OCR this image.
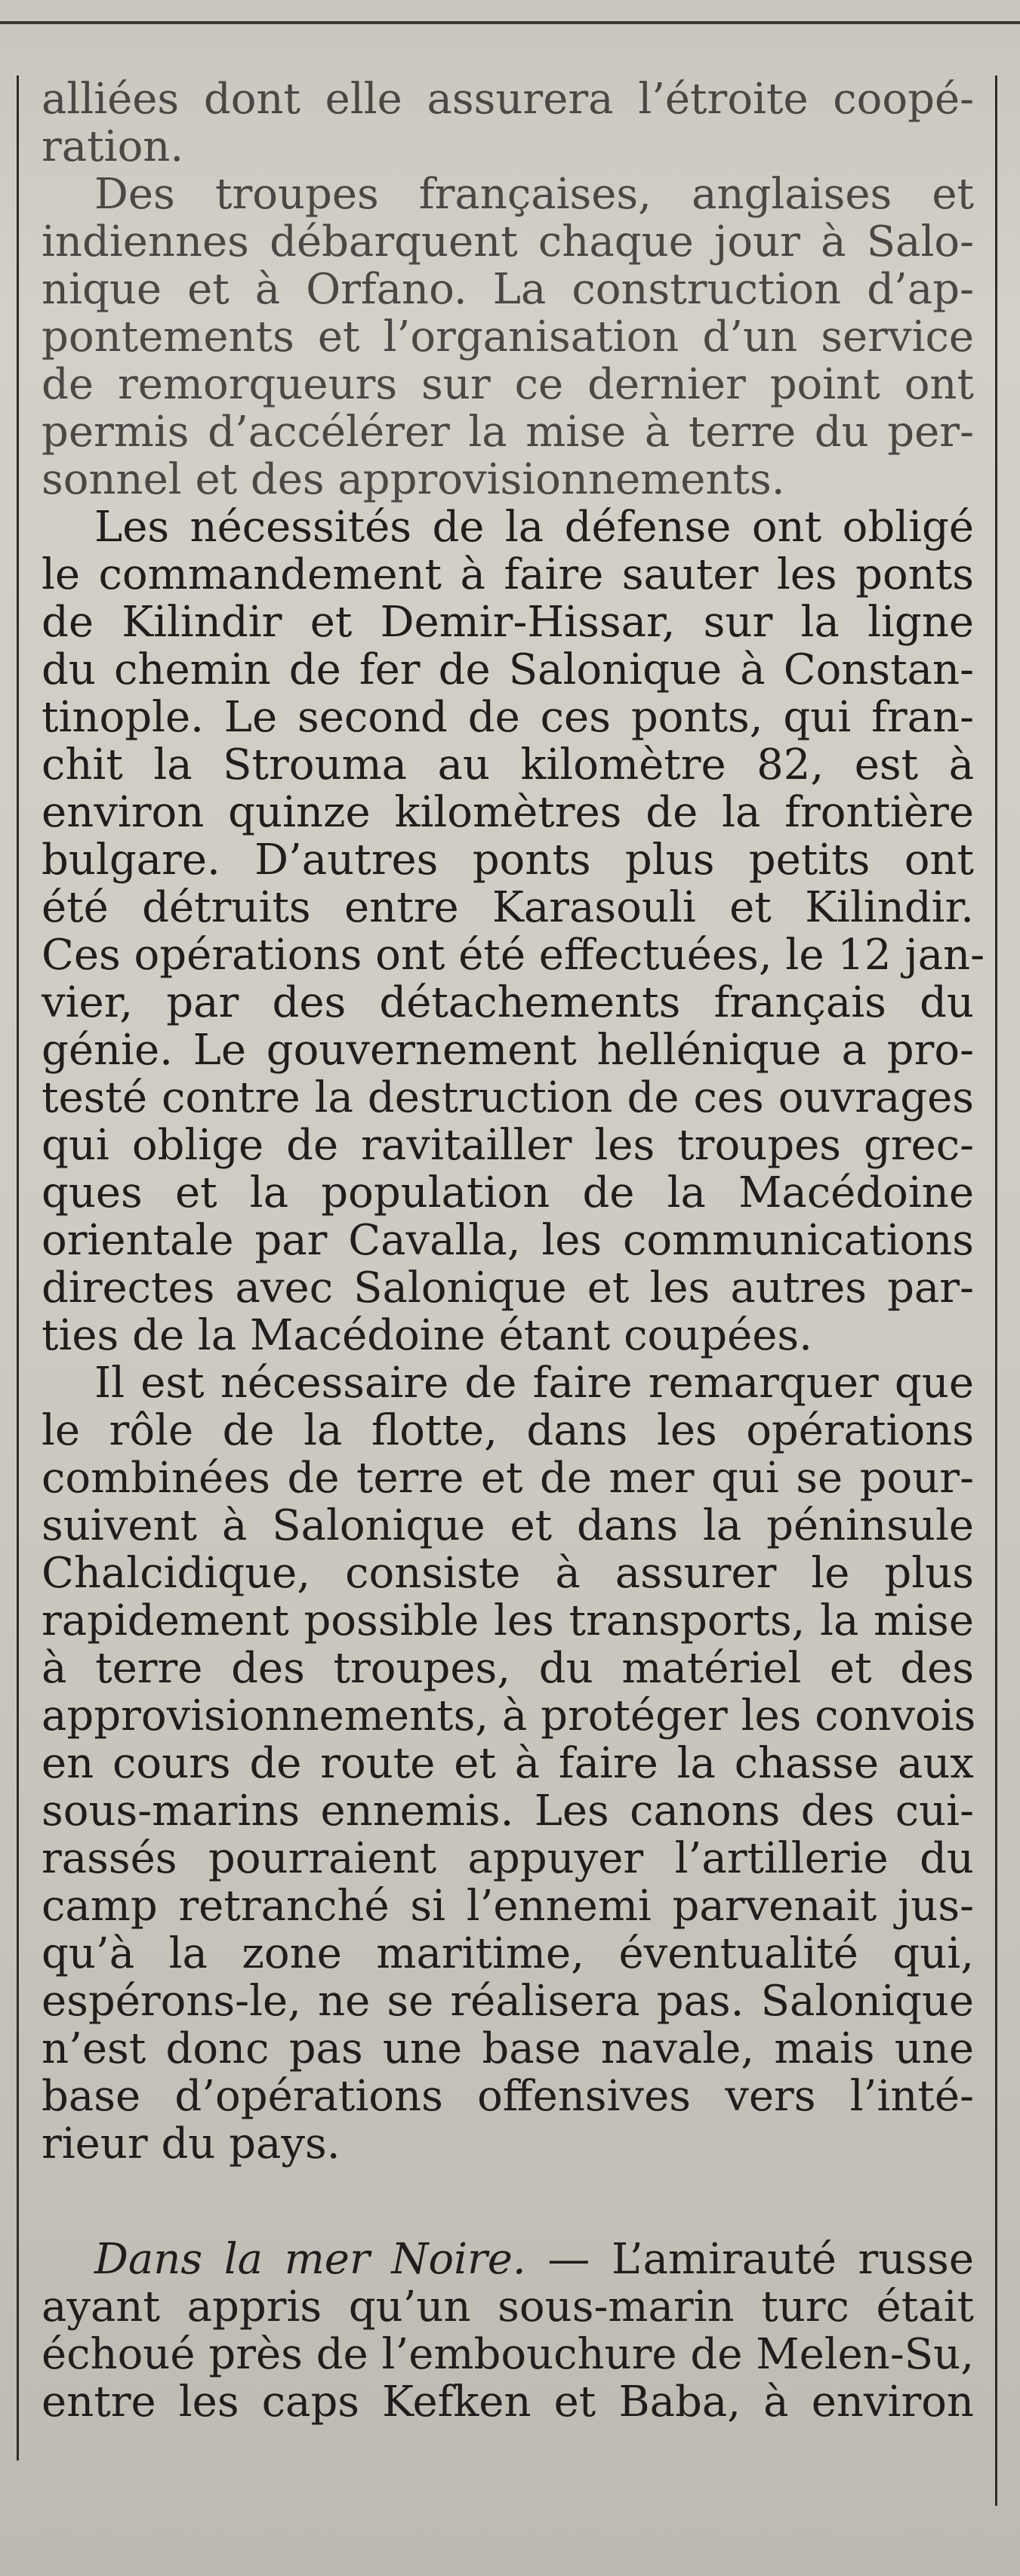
alliées dont elle assurera l’étroite coopé-
ration.
Des troupes françaises, anglaises et
indiennes débarquent chaque jour à Salo-
nique et à Orfano. La construction d’ap-
pontements et l’organisation d’un service
de remorqueurs sur ce dernier point ont
permis d’accélérer la mise à terre du per-
sonnel et des approvisionnements.
Les nécessités de la défense ont obligé
le commandement à faire sauter les ponts
de Kilindir et Demir-Hissar, sur la ligne
du chemin de fer de Salonique à Constan-
tinople. Le second de ces ponts, qui fran-
chit la Strouma au kilomètre 82, est à
environ quinze kilomètres de la frontière
bulgare. D’autres ponts plus petits ont
été détruits entre Karasouli et Kilindir.
Ces opérations ont été effectuées, le 12 jan-
vier, par des détachements français du
génie. Le gouvernement hellénique a pro-
testé contre la destruction de ces ouvrages
qui oblige de ravitailler les troupes grec-
ques et la population de la Macédoine
orientale par Cavalla, les communications
directes avec Salonique et les autres par-
ties de la Macédoine étant coupées.
Il est nécessaire de faire remarquer que
le rôle de la flotte, dans les opérations
combinées de terre et de mer qui se pour-
suivent à Salonique et dans la péninsule
Chalcidique, consiste à assurer le plus
rapidement possible les transports, la mise
à terre des troupes, du matériel et des
approvisionnements, à protéger les convois
en cours de route et à faire la chasse aux
sous-marins ennemis. Les canons des cui-
rassés pourraient appuyer l’artillerie du
camp retranché si l’ennemi parvenait jus-
qu’à la zone maritime, éventualité qui,
espérons-le, ne se réalisera pas. Salonique
n’est donc pas une base navale, mais une
base d’opérations offensives vers l’inté-
rieur du pays.
Dans la mer Noire. — L’amirauté russe
ayant appris qu’un sous-marin turc était
échoué près de l’embouchure de Melen-Su,
entre les caps Kefken et Baba, à environ
